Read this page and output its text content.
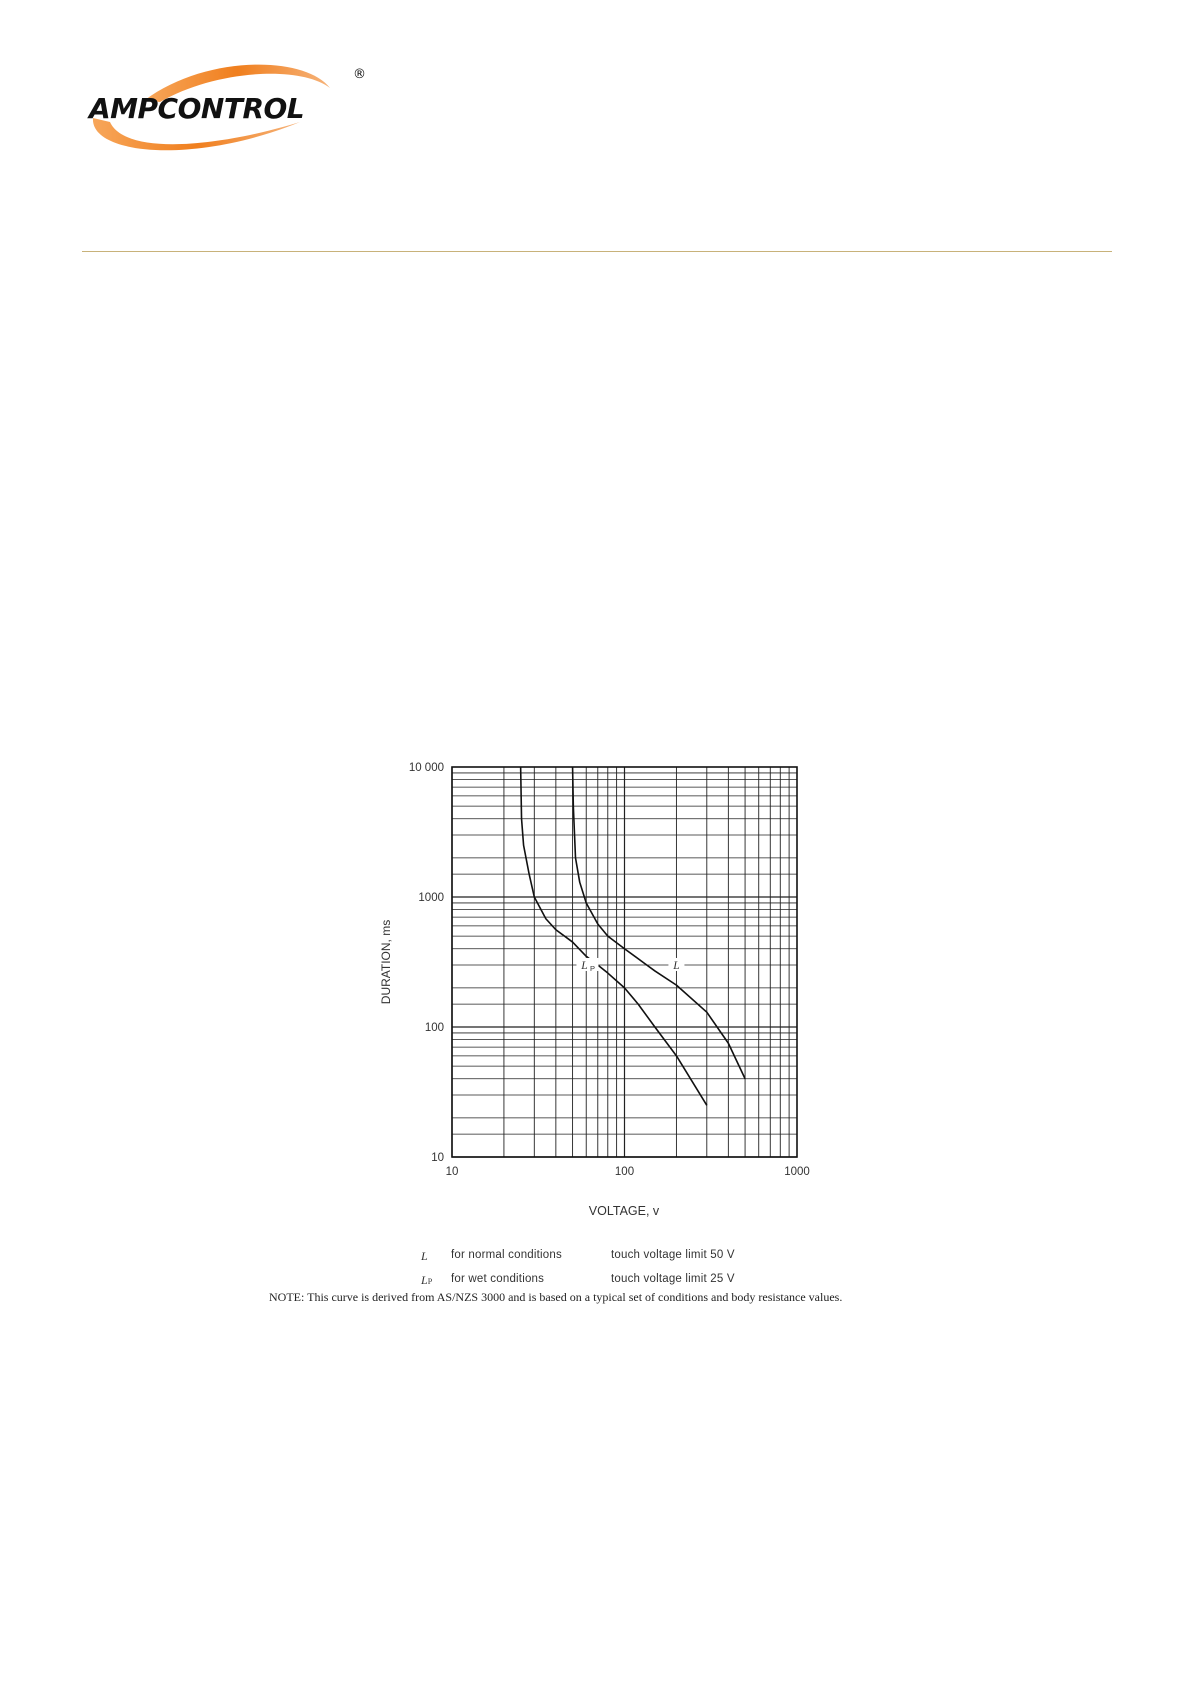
AMPCONTROL
®
10	100	1000
10
100
1000
10 000
L
L P
VOLTAGE, v
DURATION, ms
L for normal conditions	touch voltage limit 50 V
LP for wet conditions	touch voltage limit 25 V
NOTE: This curve is derived from AS/NZS 3000 and is based on a typical set of conditions and body resistance values.
